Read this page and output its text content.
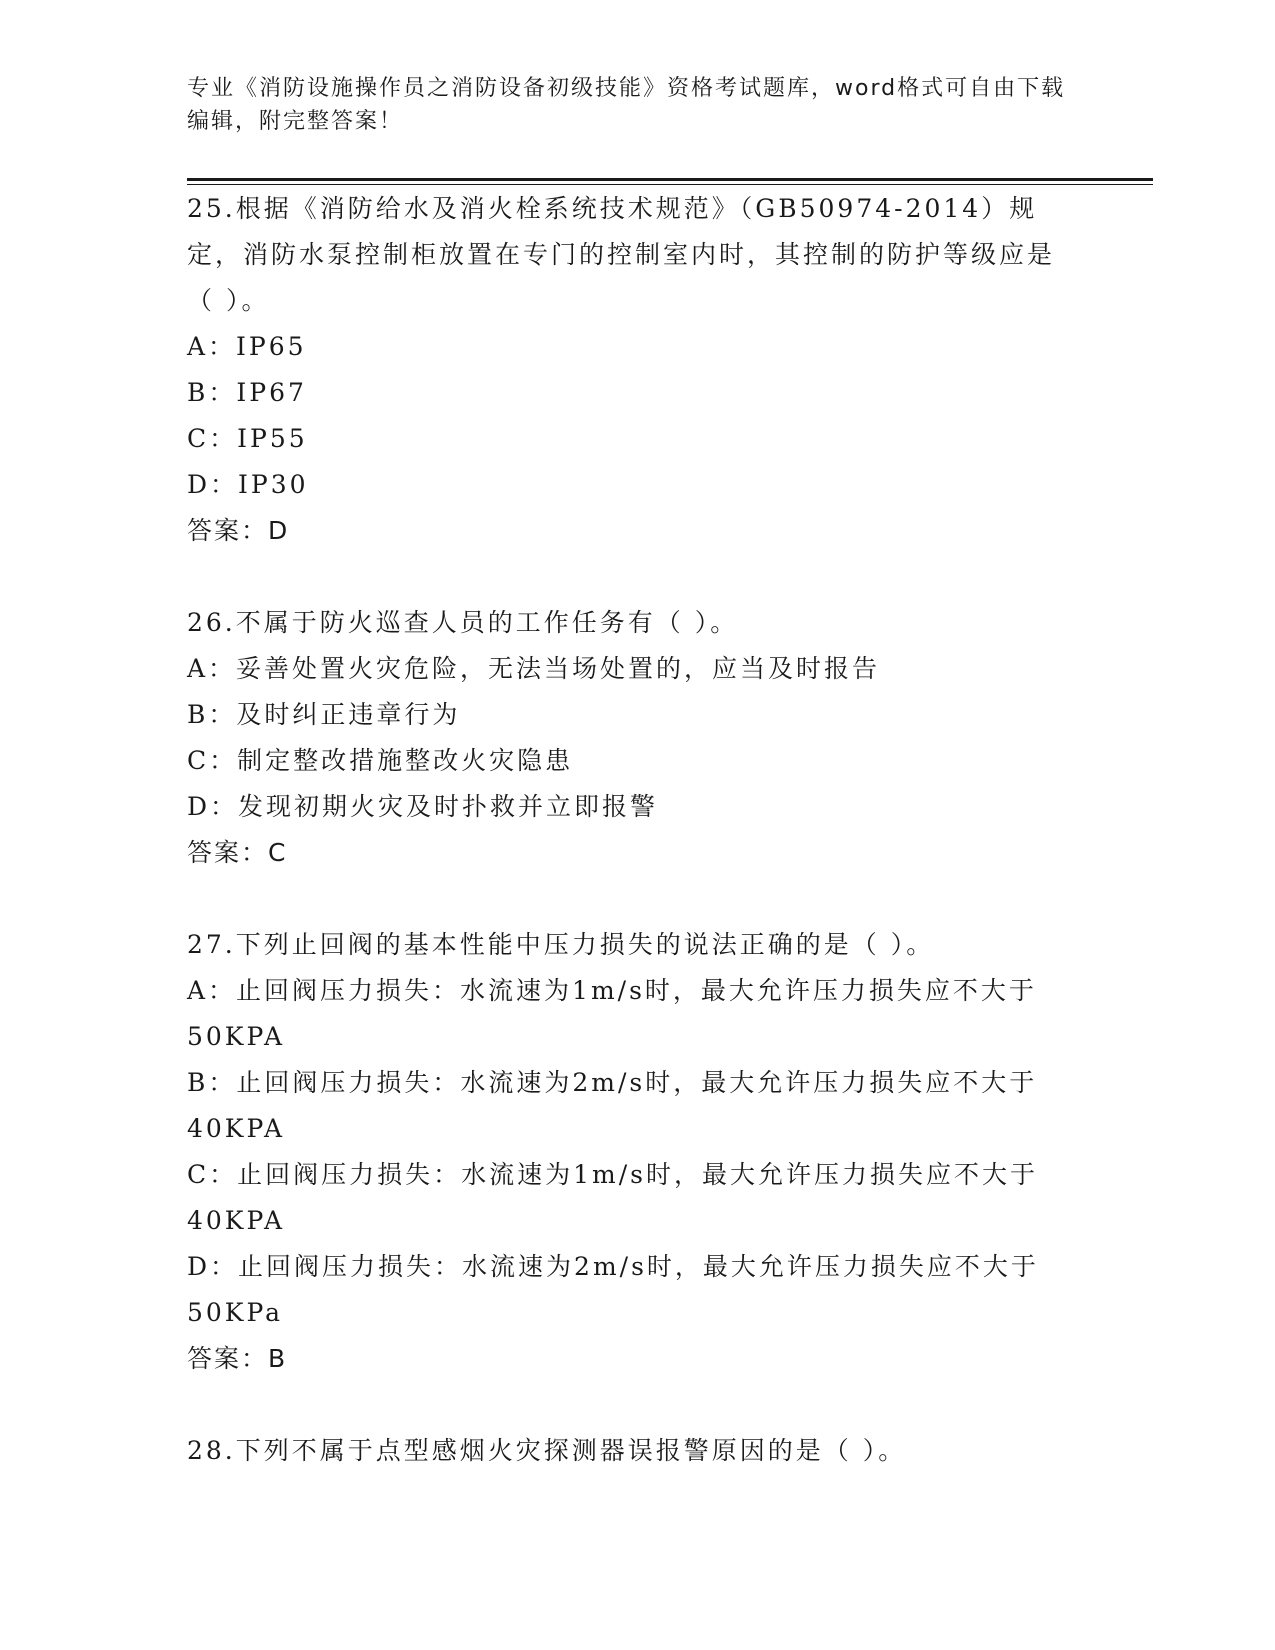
专业《消防设施操作员之消防设备初级技能》资格考试题库，word格式可自由下载编辑，附完整答案！
25.根据《消防给水及消火栓系统技术规范》（GB50974-2014）规定，消防水泵控制柜放置在专门的控制室内时，其控制的防护等级应是（ ）。
A：IP65
B：IP67
C：IP55
D：IP30
答案：D
26.不属于防火巡查人员的工作任务有（ ）。
A：妥善处置火灾危险，无法当场处置的，应当及时报告
B：及时纠正违章行为
C：制定整改措施整改火灾隐患
D：发现初期火灾及时扑救并立即报警
答案：C
27.下列止回阀的基本性能中压力损失的说法正确的是（ ）。
A：止回阀压力损失：水流速为1m/s时，最大允许压力损失应不大于50KPA
B：止回阀压力损失：水流速为2m/s时，最大允许压力损失应不大于40KPA
C：止回阀压力损失：水流速为1m/s时，最大允许压力损失应不大于40KPA
D：止回阀压力损失：水流速为2m/s时，最大允许压力损失应不大于50KPa
答案：B
28.下列不属于点型感烟火灾探测器误报警原因的是（ ）。
